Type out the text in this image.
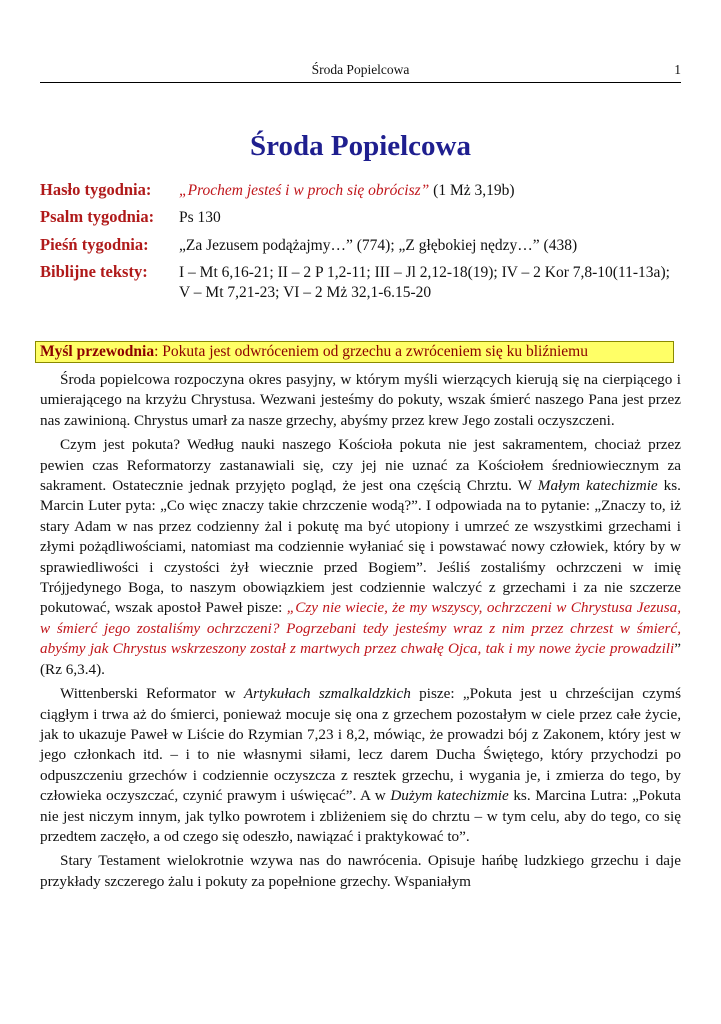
Środa Popielcowa	1
Środa Popielcowa
Hasło tygodnia:	„Prochem jesteś i w proch się obrócisz” (1 Mż 3,19b)
Psalm tygodnia:	Ps 130
Pieśń tygodnia:	„Za Jezusem podążajmy…” (774); „Z głębokiej nędzy…” (438)
Biblijne teksty:	I – Mt 6,16-21; II – 2 P 1,2-11; III – Jl 2,12-18(19); IV – 2 Kor 7,8-10(11-13a); V – Mt 7,21-23; VI – 2 Mż 32,1-6.15-20
Myśl przewodnia: Pokuta jest odwróceniem od grzechu a zwróceniem się ku bliźniemu

Środa popielcowa rozpoczyna okres pasyjny, w którym myśli wierzących kierują się na cierpiącego i umierającego na krzyżu Chrystusa. Wezwani jesteśmy do pokuty, wszak śmierć naszego Pana jest przez nas zawinioną. Chrystus umarł za nasze grzechy, abyśmy przez krew Jego zostali oczyszczeni.

Czym jest pokuta? Według nauki naszego Kościoła pokuta nie jest sakramentem, chociaż przez pewien czas Reformatorzy zastanawiali się, czy jej nie uznać za Kościołem średniowiecznym za sakrament. Ostatecznie jednak przyjęto pogląd, że jest ona częścią Chrztu. W Małym katechizmie ks. Marcin Luter pyta: „Co więc znaczy takie chrzczenie wodą?”. I odpowiada na to pytanie: „Znaczy to, iż stary Adam w nas przez codzienny żal i pokutę ma być utopiony i umrzeć ze wszystkimi grzechami i złymi pożądliwościami, natomiast ma codziennie wyłaniać się i powstawać nowy człowiek, który by w sprawiedliwości i czystości żył wiecznie przed Bogiem”. Jeśliś zostaliśmy ochrzczeni w imię Trójjedynego Boga, to naszym obowiązkiem jest codziennie walczyć z grzechami i za nie szczerze pokutować, wszak apostoł Paweł pisze: „Czy nie wiecie, że my wszyscy, ochrzczeni w Chrystusa Jezusa, w śmierć jego zostaliśmy ochrzczeni? Pogrzebani tedy jesteśmy wraz z nim przez chrzest w śmierć, abyśmy jak Chrystus wskrzeszony został z martwych przez chwałę Ojca, tak i my nowe życie prowadzili” (Rz 6,3.4).

Wittenberski Reformator w Artykułach szmalkaldzkich pisze: „Pokuta jest u chrześcijan czymś ciągłym i trwa aż do śmierci, ponieważ mocuje się ona z grzechem pozostałym w ciele przez całe życie, jak to ukazuje Paweł w Liście do Rzymian 7,23 i 8,2, mówiąc, że prowadzi bój z Zakonem, który jest w jego członkach itd. – i to nie własnymi siłami, lecz darem Ducha Świętego, który przychodzi po odpuszczeniu grzechów i codziennie oczyszcza z resztek grzechu, i wygania je, i zmierza do tego, by człowieka oczyszczać, czynić prawym i uświęcać”. A w Dużym katechizmie ks. Marcina Lutra: „Pokuta nie jest niczym innym, jak tylko powrotem i zbliżeniem się do chrztu – w tym celu, aby do tego, co się przedtem zaczęło, a od czego się odeszło, nawiązać i praktykować to”.

Stary Testament wielokrotnie wzywa nas do nawrócenia. Opisuje hańbę ludzkiego grzechu i daje przykłady szczerego żalu i pokuty za popełnione grzechy. Wspaniałym
